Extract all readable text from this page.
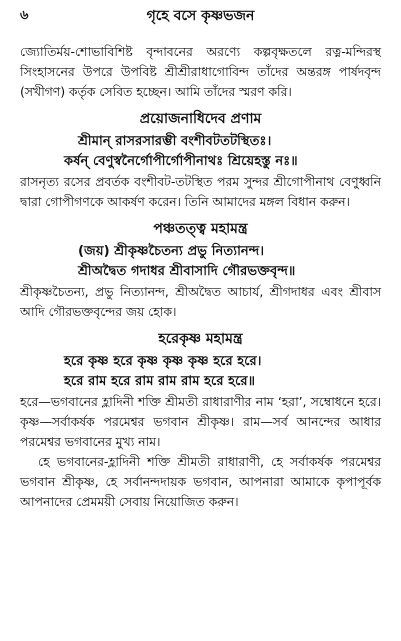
৬	গৃহে বসে কৃষ্ণভজন

জ্যোতির্ময়-শোভাবিশিষ্ট বৃন্দাবনের অরণ্যে কল্পবৃক্ষতলে রত্ন-মন্দিরস্থ সিংহাসনের উপরে উপবিষ্ট শ্রীশ্রীরাধাগোবিন্দ তাঁদের অন্তরঙ্গ পার্ষদবৃন্দ (সখীগণ) কর্তৃক সেবিত হচ্ছেন। আমি তাঁদের স্মরণ করি।

প্রয়োজনাধিদেব প্রণাম

শ্রীমান্‌ রাসরসারম্ভী বংশীবটতটস্থিতঃ।

কর্ষন্‌ বেণুস্বনৈর্গোপীর্গোপীনাথঃ শ্রিয়েহস্তু নঃ॥

রাসনৃত্য রসের প্রবর্তক বংশীবট-তটস্থিত পরম সুন্দর শ্রীগোপীনাথ বেণুধ্বনি দ্বারা গোপীগণকে আকর্ষণ করেন। তিনি আমাদের মঙ্গল বিধান করুন।

পঞ্চতত্ত্ব মহামন্ত্র

(জয়) শ্রীকৃষ্ণচৈতন্য প্রভু নিত্যানন্দ।

শ্রীঅদ্বৈত গদাধর শ্রীবাসাদি গৌরভক্তবৃন্দ॥

শ্রীকৃষ্ণচৈতন্য, প্রভু নিত্যানন্দ, শ্রীঅদ্বৈত আচার্য, শ্রীগদাধর এবং শ্রীবাস আদি গৌরভক্তবৃন্দের জয় হোক।

হরেকৃষ্ণ মহামন্ত্র

হরে কৃষ্ণ হরে কৃষ্ণ কৃষ্ণ কৃষ্ণ হরে হরে।

হরে রাম হরে রাম রাম রাম হরে হরে॥

হরে—ভগবানের হ্লাদিনী শক্তি শ্রীমতী রাধারাণীর নাম ‘হরা’, সম্বোধনে হরে। কৃষ্ণ—সর্বাকর্ষক পরমেশ্বর ভগবান শ্রীকৃষ্ণ। রাম—সর্ব আনন্দের আধার পরমেশ্বর ভগবানের মুখ্য নাম।

হে ভগবানের-হ্লাদিনী শক্তি শ্রীমতী রাধারাণী, হে সর্বাকর্ষক পরমেশ্বর ভগবান শ্রীকৃষ্ণ, হে সর্বানন্দদায়ক ভগবান, আপনারা আমাকে কৃপাপূর্বক আপনাদের প্রেমময়ী সেবায় নিয়োজিত করুন।
